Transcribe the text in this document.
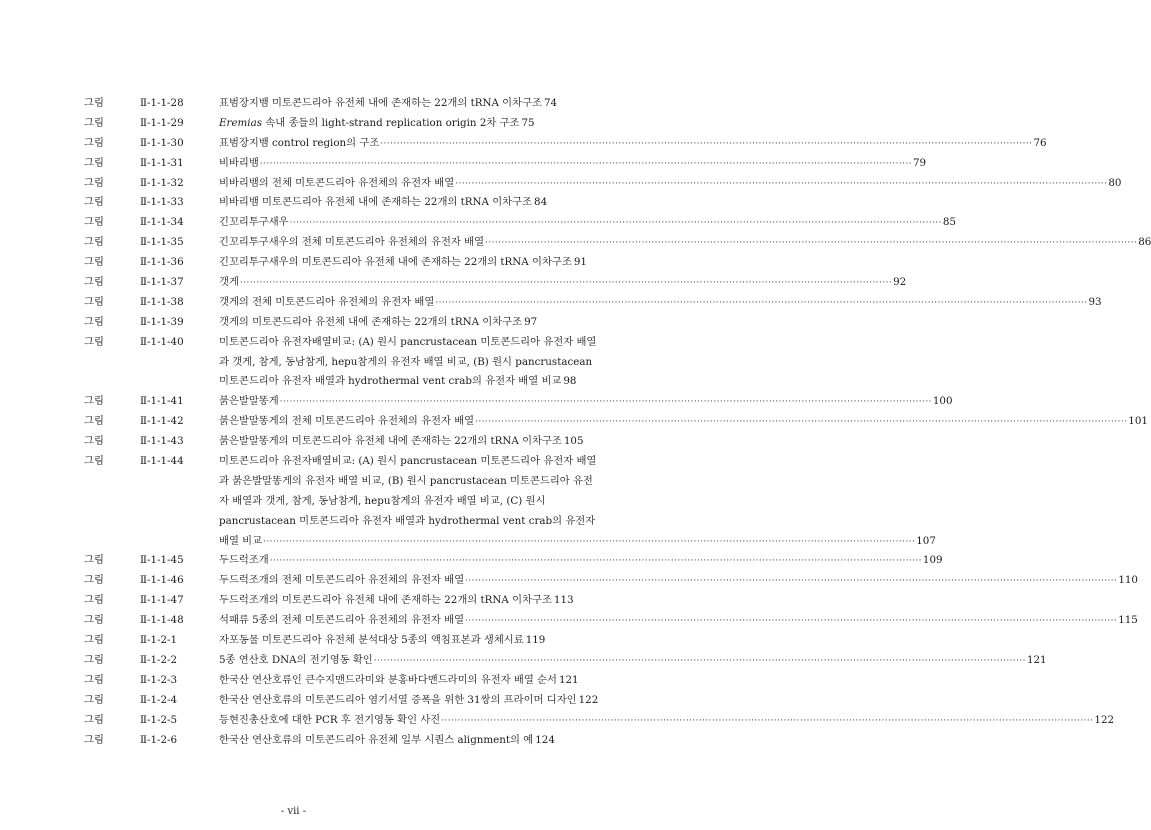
그림	Ⅱ-1-1-28	표범장지뱀 미토콘드리아 유전체 내에 존재하는 22개의 tRNA 이차구조 74
그림	Ⅱ-1-1-29	Eremias 속내 종들의 light-strand replication origin 2차 구조 75
그림	Ⅱ-1-1-30	표범장지뱀 control region의 구조 ········································································································································································································ 76
그림	Ⅱ-1-1-31	비바리뱀 ········································································································································································································ 79
그림	Ⅱ-1-1-32	비바리뱀의 전체 미토콘드리아 유전체의 유전자 배열 ········································································································································································································ 80
그림	Ⅱ-1-1-33	비바리뱀 미토콘드리아 유전체 내에 존재하는 22개의 tRNA 이차구조 84
그림	Ⅱ-1-1-34	긴꼬리투구새우 ········································································································································································································ 85
그림	Ⅱ-1-1-35	긴꼬리투구새우의 전체 미토콘드리아 유전체의 유전자 배열 ········································································································································································································ 86
그림	Ⅱ-1-1-36	긴꼬리투구새우의 미토콘드리아 유전체 내에 존재하는 22개의 tRNA 이차구조 91
그림	Ⅱ-1-1-37	갯게 ········································································································································································································ 92
그림	Ⅱ-1-1-38	갯게의 전체 미토콘드리아 유전체의 유전자 배열 ········································································································································································································ 93
그림	Ⅱ-1-1-39	갯게의 미토콘드리아 유전체 내에 존재하는 22개의 tRNA 이차구조 97
그림	Ⅱ-1-1-40	미토콘드리아 유전자배열비교: (A) 원시 pancrustacean 미토콘드리아 유전자 배열
과 갯게, 참게, 동남참게, hepu참게의 유전자 배열 비교, (B) 원시 pancrustacean
미토콘드리아 유전자 배열과 hydrothermal vent crab의 유전자 배열 비교 98
그림	Ⅱ-1-1-41	붉은발말똥게 ········································································································································································································ 100
그림	Ⅱ-1-1-42	붉은발말똥게의 전체 미토콘드리아 유전체의 유전자 배열 ········································································································································································································ 101
그림	Ⅱ-1-1-43	붉은발말똥게의 미토콘드리아 유전체 내에 존재하는 22개의 tRNA 이차구조 105
그림	Ⅱ-1-1-44	미토콘드리아 유전자배열비교: (A) 원시 pancrustacean 미토콘드리아 유전자 배열
과 붉은발말똥게의 유전자 배열 비교, (B) 원시 pancrustacean 미토콘드리아 유전
자 배열과 갯게, 참게, 동남참게, hepu참게의 유전자 배열 비교, (C) 원시
pancrustacean 미토콘드리아 유전자 배열과 hydrothermal vent crab의 유전자
배열 비교 ········································································································································································································ 107
그림	Ⅱ-1-1-45	두드럭조개 ········································································································································································································ 109
그림	Ⅱ-1-1-46	두드럭조개의 전체 미토콘드리아 유전체의 유전자 배열 ········································································································································································································ 110
그림	Ⅱ-1-1-47	두드럭조개의 미토콘드리아 유전체 내에 존재하는 22개의 tRNA 이차구조 113
그림	Ⅱ-1-1-48	석패류 5종의 전체 미토콘드리아 유전체의 유전자 배열 ········································································································································································································ 115
그림	Ⅱ-1-2-1	자포동물 미토콘드리아 유전체 분석대상 5종의 액침표본과 생체시료 119
그림	Ⅱ-1-2-2	5종 연산호 DNA의 전기영동 확인 ········································································································································································································ 121
그림	Ⅱ-1-2-3	한국산 연산호류인 큰수지맨드라미와 분홍바다맨드라미의 유전자 배열 순서 121
그림	Ⅱ-1-2-4	한국산 연산호류의 미토콘드리아 염기서열 증폭을 위한 31쌍의 프라이머 디자인 122
그림	Ⅱ-1-2-5	등현진총산호에 대한 PCR 후 전기영동 확인 사진 ········································································································································································································ 122
그림	Ⅱ-1-2-6	한국산 연산호류의 미토콘드리아 유전체 일부 시퀀스 alignment의 예 124
- vii -
